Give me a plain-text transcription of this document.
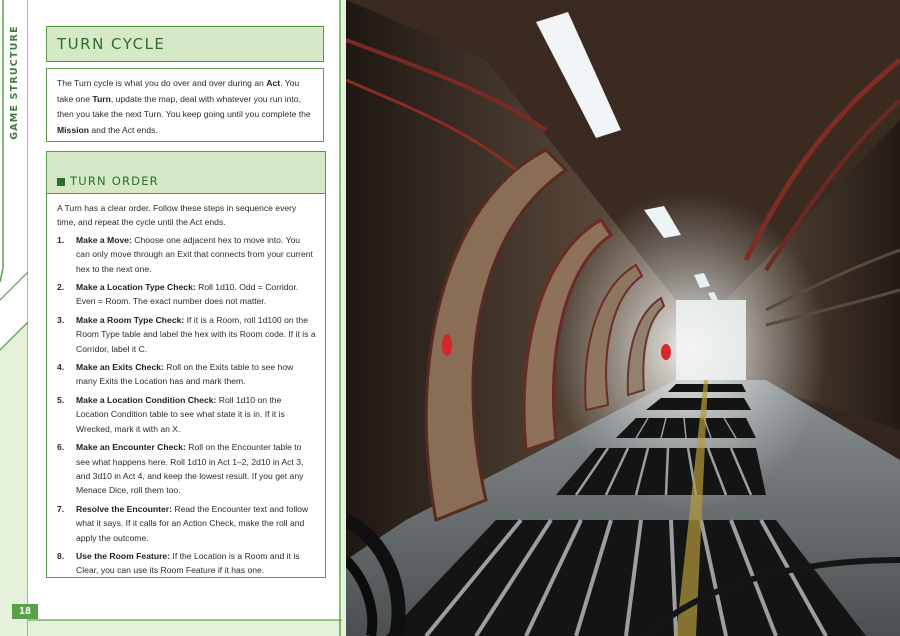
GAME STRUCTURE	TURN CYCLE
The Turn cycle is what you do over and over during an Act. You take one Turn, update the map, deal with whatever you run into, then you take the next Turn. You keep going until you complete the Mission and the Act ends.
TURN ORDER

A Turn has a clear order. Follow these steps in sequence every time, and repeat the cycle until the Act ends.

1.	Make a Move: Choose one adjacent hex to move into. You can only move through an Exit that connects from your current hex to the next one.
2.	Make a Location Type Check: Roll 1d10. Odd = Corridor. Even = Room. The exact number does not matter.
3.	Make a Room Type Check: If it is a Room, roll 1d100 on the Room Type table and label the hex with its Room code. If it is a Corridor, label it C.
4.	Make an Exits Check: Roll on the Exits table to see how many Exits the Location has and mark them.
5.	Make a Location Condition Check: Roll 1d10 on the Location Condition table to see what state it is in. If it is Wrecked, mark it with an X.
6.	Make an Encounter Check: Roll on the Encounter table to see what happens here. Roll 1d10 in Act 1–2, 2d10 in Act 3, and 3d10 in Act 4, and keep the lowest result. If you get any Menace Dice, roll them too.
7.	Resolve the Encounter: Read the Encounter text and follow what it says. If it calls for an Action Check, make the roll and apply the outcome.
8.	Use the Room Feature: If the Location is a Room and it is Clear, you can use its Room Feature if it has one.
18
